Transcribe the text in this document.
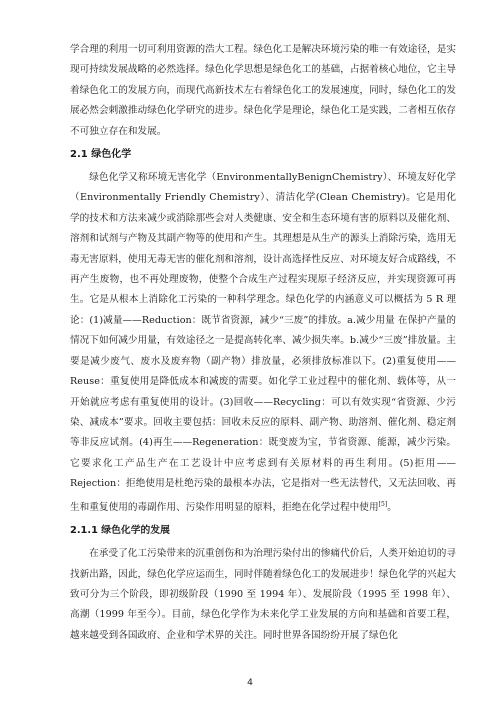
学合理的利用一切可利用资源的浩大工程。绿色化工是解决环境污染的唯一有效途径，是实现可持续发展战略的必然选择。绿色化学思想是绿色化工的基础，占据着核心地位，它主导着绿色化工的发展方向，而现代高新技术左右着绿色化工的发展速度，同时，绿色化工的发展必然会刺激推动绿色化学研究的进步。绿色化学是理论，绿色化工是实践，二者相互依存不可独立存在和发展。

2.1 绿色化学

绿色化学又称环境无害化学（EnvironmentallyBenignChemistry）、环境友好化学（Environmentally Friendly Chemistry）、清洁化学(Clean Chemistry)。它是用化学的技术和方法来减少或消除那些会对人类健康、安全和生态环境有害的原料以及催化剂、溶剂和试剂与产物及其副产物等的使用和产生。其理想是从生产的源头上消除污染，选用无毒无害原料，使用无毒无害的催化剂和溶剂，设计高选择性反应、对环境友好合成路线，不再产生废物，也不再处理废物，使整个合成生产过程实现原子经济反应，并实现资源可再生。它是从根本上消除化工污染的一种科学理念。绿色化学的内涵意义可以概括为 5 R 理论：(1)减量——Reduction：既节省资源，减少“三废”的排放。a.减少用量 在保护产量的情况下如何减少用量，有效途径之一是提高转化率、减少损失率。b.减少“三废”排放量。主要是减少废气、废水及废弃物（副产物）排放量，必须排放标准以下。(2)重复使用——Reuse：重复使用是降低成本和减废的需要。如化学工业过程中的催化剂、载体等，从一开始就应考虑有重复使用的设计。(3)回收——Recycling：可以有效实现“省资源、少污染、减成本”要求。回收主要包括：回收未反应的原料、副产物、助溶剂、催化剂、稳定剂等非反应试剂。(4)再生——Regeneration：既变废为宝，节省资源、能源，减少污染。它要求化工产品生产在工艺设计中应考虑到有关原材料的再生利用。(5)拒用——Rejection：拒绝使用是杜绝污染的最根本办法，它是指对一些无法替代，又无法回收、再生和重复使用的毒副作用、污染作用明显的原料，拒绝在化学过程中使用[5]。

2.1.1 绿色化学的发展

在承受了化工污染带来的沉重创伤和为治理污染付出的惨痛代价后，人类开始迫切的寻找新出路，因此，绿色化学应运而生，同时伴随着绿色化工的发展进步！绿色化学的兴起大致可分为三个阶段，即初级阶段（1990 至 1994 年）、发展阶段（1995 至 1998 年）、高潮（1999 年至今）。目前，绿色化学作为未来化学工业发展的方向和基础和首要工程，越来越受到各国政府、企业和学术界的关注。同时世界各国纷纷开展了绿色化

4
